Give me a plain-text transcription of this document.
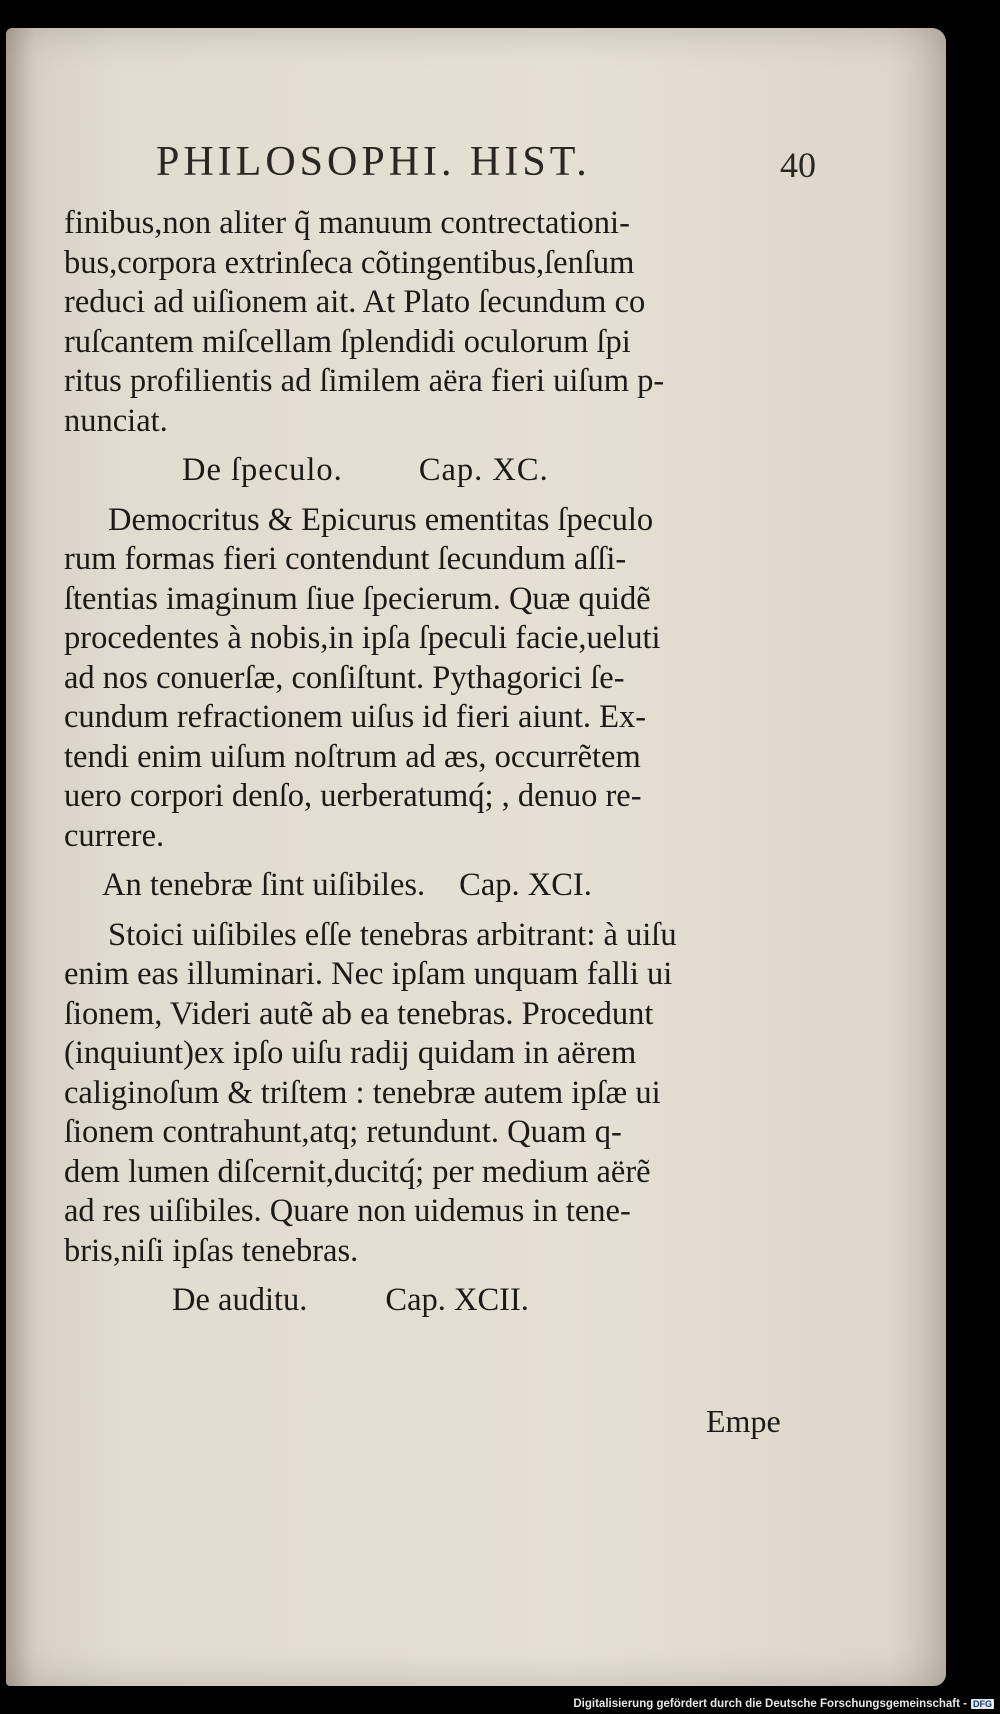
PHILOSOPHI. HIST.	40
finibus,non aliter q̃ manuum contrectationi-
bus,corpora extrinſeca cõtingentibus,ſenſum
reduci ad uiſionem ait. At Plato ſecundum co
ruſcantem miſcellam ſplendidi oculorum ſpi
ritus profilientis ad ſimilem aëra fieri uiſum p-
nunciat.
De ſpeculo. Cap. XC.
Democritus & Epicurus ementitas ſpeculo
rum formas fieri contendunt ſecundum aſſi-
ſtentias imaginum ſiue ſpecierum. Quæ quidẽ
procedentes à nobis,in ipſa ſpeculi facie,ueluti
ad nos conuerſæ, conſiſtunt. Pythagorici ſe-
cundum refractionem uiſus id fieri aiunt. Ex-
tendi enim uiſum noſtrum ad æs, occurrẽtem
uero corpori denſo, uerberatumq́; , denuo re-
currere.
An tenebræ ſint uiſibiles. Cap. XCI.
Stoici uiſibiles eſſe tenebras arbitrant: à uiſu
enim eas illuminari. Nec ipſam unquam falli ui
ſionem, Videri autẽ ab ea tenebras. Procedunt
(inquiunt)ex ipſo uiſu radij quidam in aërem
caliginoſum & triſtem : tenebræ autem ipſæ ui
ſionem contrahunt,atq; retundunt. Quam q-
dem lumen diſcernit,ducitq́; per medium aërẽ
ad res uiſibiles. Quare non uidemus in tene-
bris,niſi ipſas tenebras.
De auditu. Cap. XCII.
Empe
Digitalisierung gefördert durch die Deutsche Forschungsgemeinschaft - DFG
